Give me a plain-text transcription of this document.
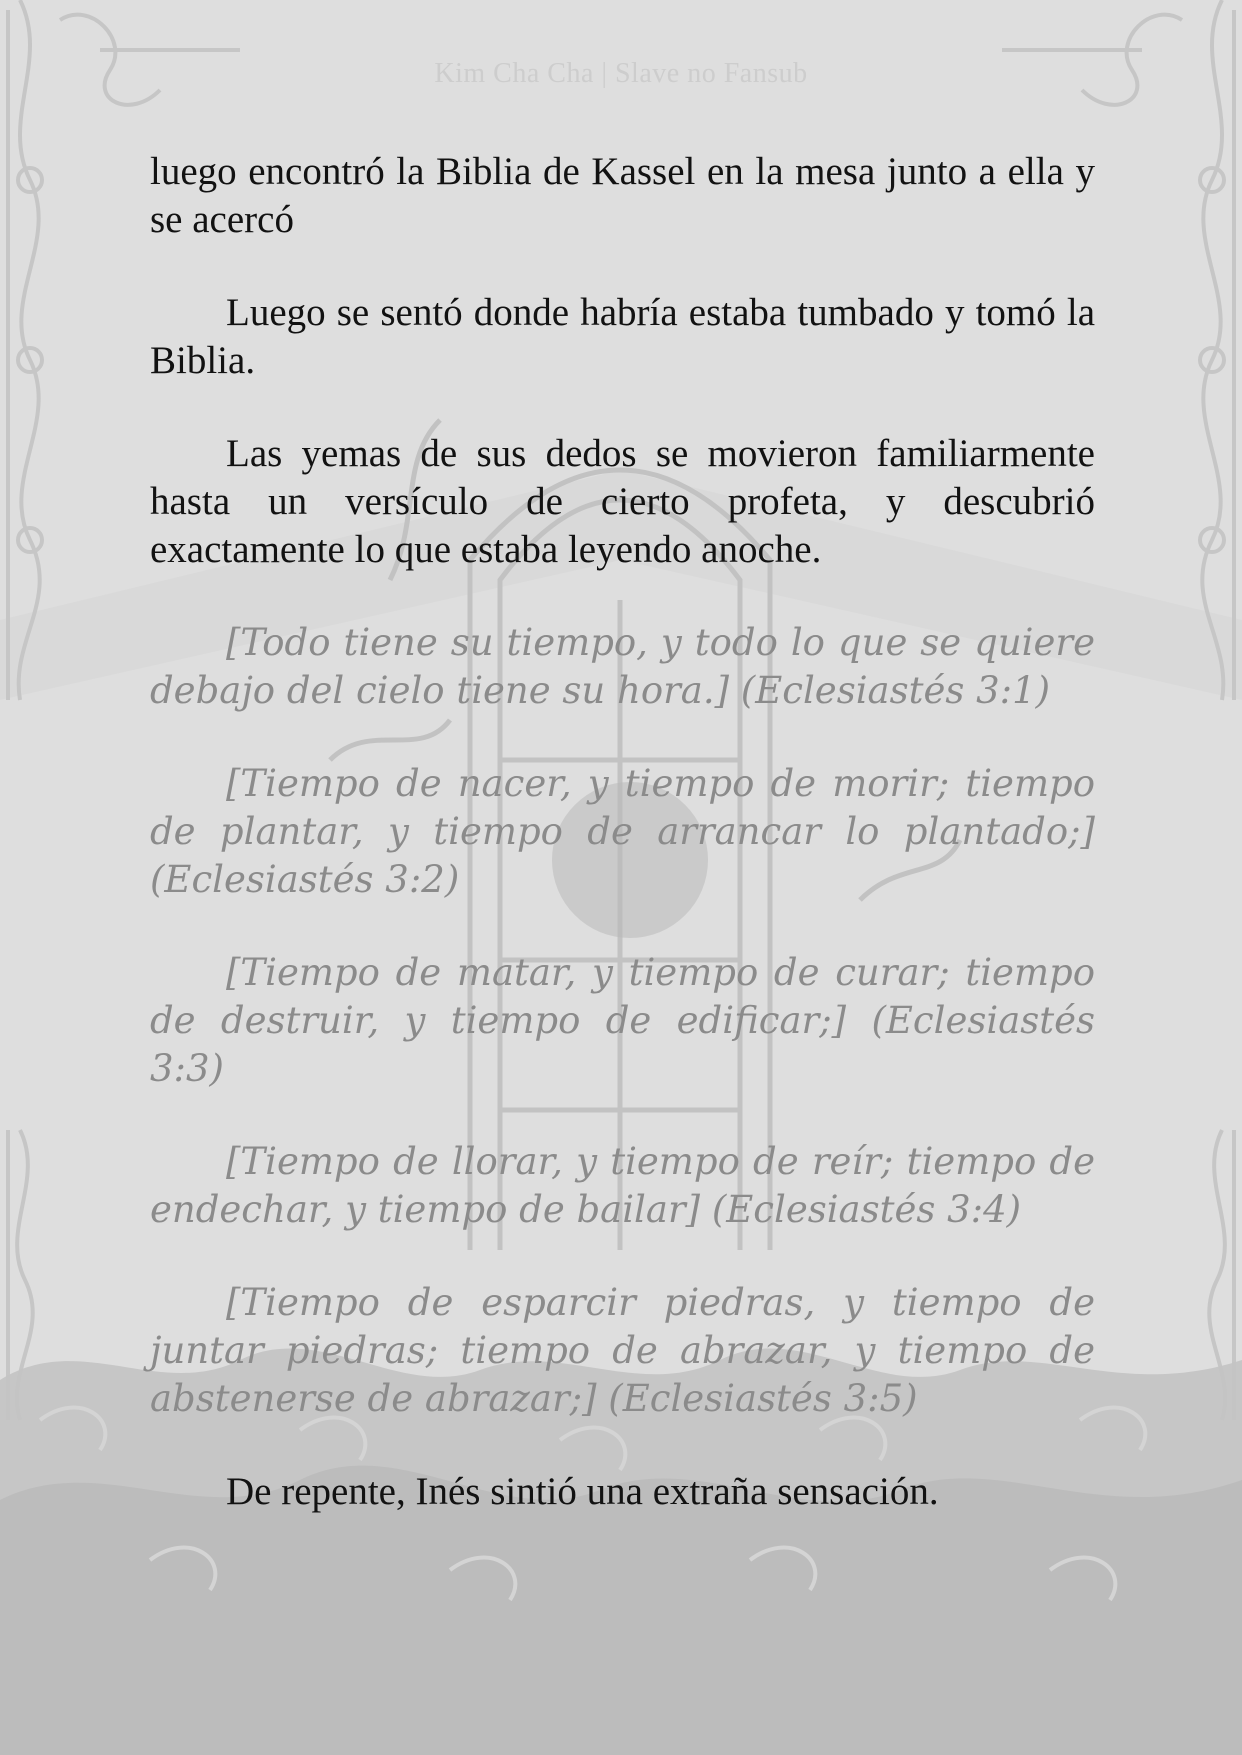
Kim Cha Cha | Slave no Fansub

luego encontró la Biblia de Kassel en la mesa junto a ella y se acercó

Luego se sentó donde habría estaba tumbado y tomó la Biblia.

Las yemas de sus dedos se movieron familiarmente hasta un versículo de cierto profeta, y descubrió exactamente lo que estaba leyendo anoche.

[Todo tiene su tiempo, y todo lo que se quiere debajo del cielo tiene su hora.] (Eclesiastés 3:1)

[Tiempo de nacer, y tiempo de morir; tiempo de plantar, y tiempo de arrancar lo plantado;] (Eclesiastés 3:2)

[Tiempo de matar, y tiempo de curar; tiempo de destruir, y tiempo de edificar;] (Eclesiastés 3:3)

[Tiempo de llorar, y tiempo de reír; tiempo de endechar, y tiempo de bailar] (Eclesiastés 3:4)

[Tiempo de esparcir piedras, y tiempo de juntar piedras; tiempo de abrazar, y tiempo de abstenerse de abrazar;] (Eclesiastés 3:5)

De repente, Inés sintió una extraña sensación.
